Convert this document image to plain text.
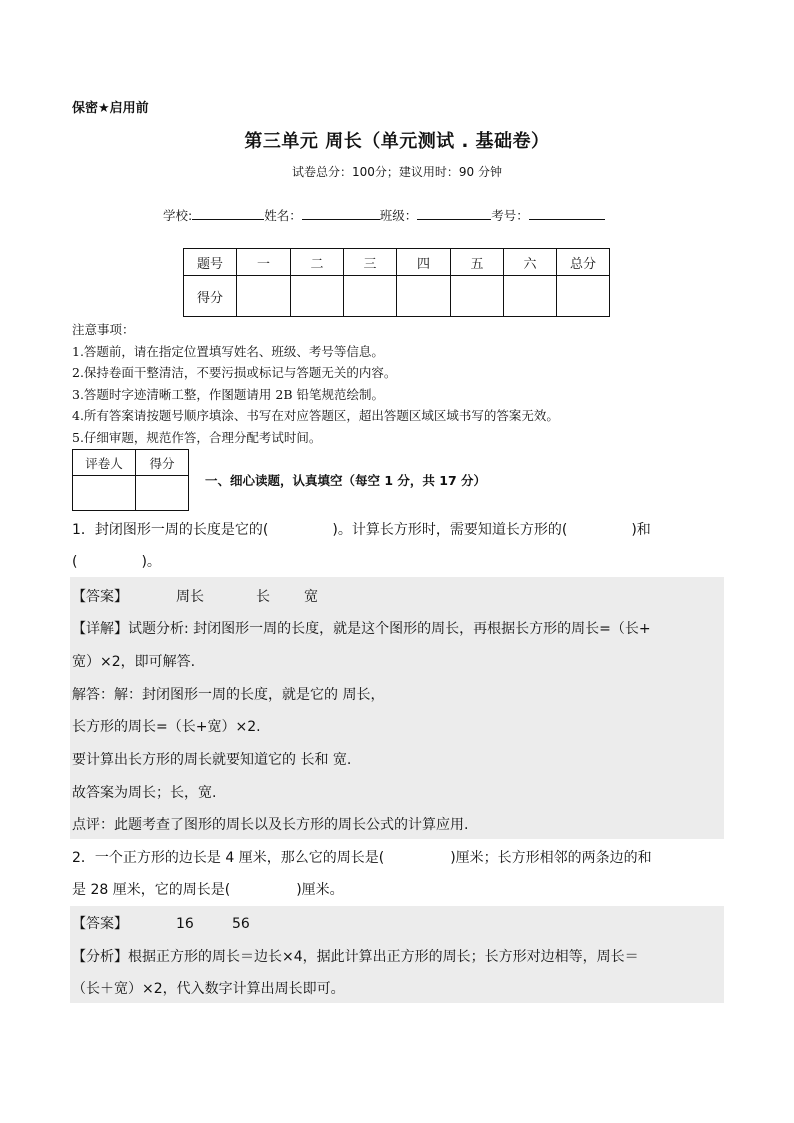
保密★启用前
第三单元 周长（单元测试 . 基础卷）
试卷总分：100分；建议用时：90 分钟
学校:	姓名：	班级：	考号：
题号	一	二	三	四	五	六	总分
得分							
注意事项：
1.答题前，请在指定位置填写姓名、班级、考号等信息。
2.保持卷面干整清洁，不要污损或标记与答题无关的内容。
3.答题时字迹清晰工整，作图题请用 2B 铅笔规范绘制。
4.所有答案请按题号顺序填涂、书写在对应答题区，超出答题区域区域书写的答案无效。
5.仔细审题，规范作答，合理分配考试时间。
评卷人	得分

一、细心读题，认真填空（每空 1 分，共 17 分）
1．封闭图形一周的长度是它的(	)。计算长方形时，需要知道长方形的(	)和
(	)。
【答案】	周长	长 宽
【详解】试题分析: 封闭图形一周的长度，就是这个图形的周长，再根据长方形的周长=（长+
宽）×2，即可解答.
解答：解：封闭图形一周的长度，就是它的 周长，
长方形的周长=（长+宽）×2.
要计算出长方形的周长就要知道它的 长和 宽.
故答案为周长；长，宽.
点评：此题考查了图形的周长以及长方形的周长公式的计算应用.
2．一个正方形的边长是 4 厘米，那么它的周长是(	)厘米；长方形相邻的两条边的和
是 28 厘米，它的周长是(	)厘米。
【答案】	16	56
【分析】根据正方形的周长＝边长×4，据此计算出正方形的周长；长方形对边相等，周长＝
（长＋宽）×2，代入数字计算出周长即可。
